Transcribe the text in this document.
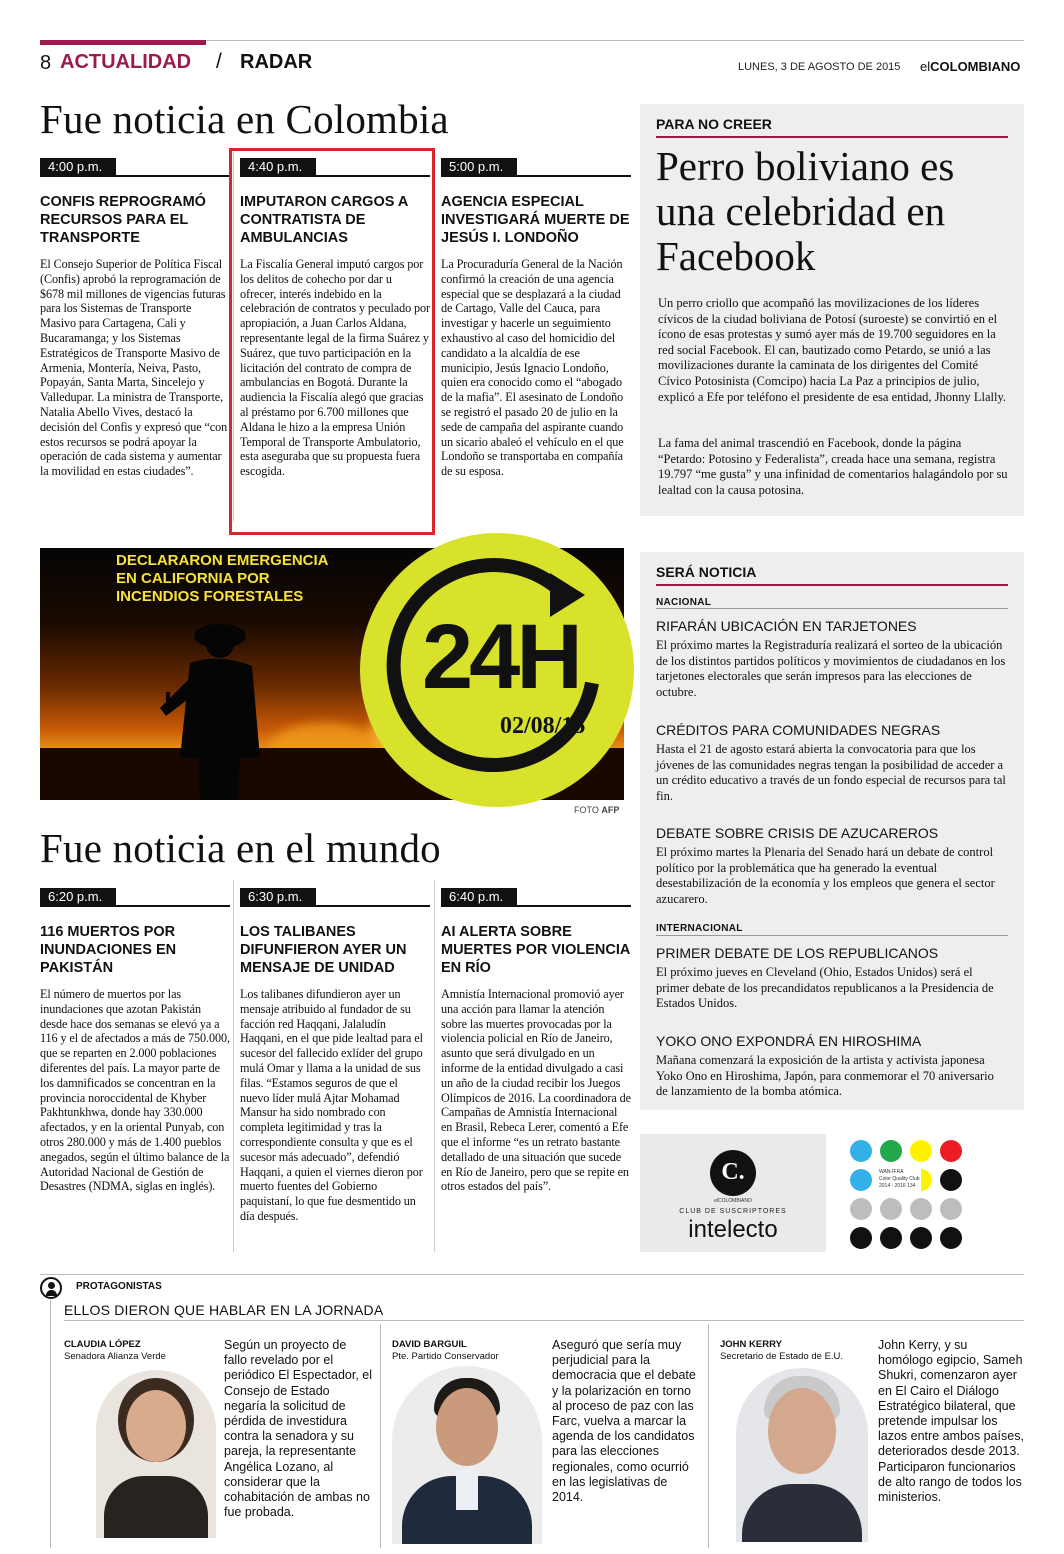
8 ACTUALIDAD / RADAR	LUNES, 3 DE AGOSTO DE 2015 elCOLOMBIANO
Fue noticia en Colombia
4:00 p.m.
CONFIS REPROGRAMÓ RECURSOS PARA EL TRANSPORTE
El Consejo Superior de Política Fiscal (Confis) aprobó la reprogramación de $678 mil millones de vigencias futuras para los Sistemas de Transporte Masivo para Cartagena, Cali y Bucaramanga; y los Sistemas Estratégicos de Transporte Masivo de Armenia, Montería, Neiva, Pasto, Popayán, Santa Marta, Sincelejo y Valledupar. La ministra de Transporte, Natalia Abello Vives, destacó la decisión del Confis y expresó que “con estos recursos se podrá apoyar la operación de cada sistema y aumentar la movilidad en estas ciudades”.
4:40 p.m.
IMPUTARON CARGOS A CONTRATISTA DE AMBULANCIAS
La Fiscalía General imputó cargos por los delitos de cohecho por dar u ofrecer, interés indebido en la celebración de contratos y peculado por apropiación, a Juan Carlos Aldana, representante legal de la firma Suárez y Suárez, que tuvo participación en la licitación del contrato de compra de ambulancias en Bogotá. Durante la audiencia la Fiscalía alegó que gracias al préstamo por 6.700 millones que Aldana le hizo a la empresa Unión Temporal de Transporte Ambulatorio, esta aseguraba que su propuesta fuera escogida.
5:00 p.m.
AGENCIA ESPECIAL INVESTIGARÁ MUERTE DE JESÚS I. LONDOÑO
La Procuraduría General de la Nación confirmó la creación de una agencia especial que se desplazará a la ciudad de Cartago, Valle del Cauca, para investigar y hacerle un seguimiento exhaustivo al caso del homicidio del candidato a la alcaldía de ese municipio, Jesús Ignacio Londoño, quien era conocido como el “abogado de la mafia”. El asesinato de Londoño se registró el pasado 20 de julio en la sede de campaña del aspirante cuando un sicario abaleó el vehículo en el que Londoño se transportaba en compañía de su esposa.
PARA NO CREER
Perro boliviano es una celebridad en Facebook
Un perro criollo que acompañó las movilizaciones de los líderes cívicos de la ciudad boliviana de Potosí (suroeste) se convirtió en el ícono de esas protestas y sumó ayer más de 19.700 seguidores en la red social Facebook. El can, bautizado como Petardo, se unió a las movilizaciones durante la caminata de los dirigentes del Comité Cívico Potosinista (Comcipo) hacia La Paz a principios de julio, explicó a Efe por teléfono el presidente de esa entidad, Jhonny Llally.
La fama del animal trascendió en Facebook, donde la página “Petardo: Potosino y Federalista”, creada hace una semana, registra 19.797 “me gusta” y una infinidad de comentarios halagándolo por su lealtad con la causa potosina.
DECLARARON EMERGENCIA EN CALIFORNIA POR INCENDIOS FORESTALES
24H
02/08/15
FOTO AFP
SERÁ NOTICIA
NACIONAL
RIFARÁN UBICACIÓN EN TARJETONES
El próximo martes la Registraduría realizará el sorteo de la ubicación de los distintos partidos políticos y movimientos de ciudadanos en los tarjetones electorales que serán impresos para las elecciones de octubre.
CRÉDITOS PARA COMUNIDADES NEGRAS
Hasta el 21 de agosto estará abierta la convocatoria para que los jóvenes de las comunidades negras tengan la posibilidad de acceder a un crédito educativo a través de un fondo especial de recursos para tal fin.
DEBATE SOBRE CRISIS DE AZUCAREROS
El próximo martes la Plenaria del Senado hará un debate de control político por la problemática que ha generado la eventual desestabilización de la economía y los empleos que genera el sector azucarero.
INTERNACIONAL
PRIMER DEBATE DE LOS REPUBLICANOS
El próximo jueves en Cleveland (Ohio, Estados Unidos) será el primer debate de los precandidatos republicanos a la Presidencia de Estados Unidos.
YOKO ONO EXPONDRÁ EN HIROSHIMA
Mañana comenzará la exposición de la artista y activista japonesa Yoko Ono en Hiroshima, Japón, para conmemorar el 70 aniversario de lanzamiento de la bomba atómica.
Fue noticia en el mundo
6:20 p.m.
116 MUERTOS POR INUNDACIONES EN PAKISTÁN
El número de muertos por las inundaciones que azotan Pakistán desde hace dos semanas se elevó ya a 116 y el de afectados a más de 750.000, que se reparten en 2.000 poblaciones diferentes del país. La mayor parte de los damnificados se concentran en la provincia noroccidental de Khyber Pakhtunkhwa, donde hay 330.000 afectados, y en la oriental Punyab, con otros 280.000 y más de 1.400 pueblos anegados, según el último balance de la Autoridad Nacional de Gestión de Desastres (NDMA, siglas en inglés).
6:30 p.m.
LOS TALIBANES DIFUNFIERON AYER UN MENSAJE DE UNIDAD
Los talibanes difundieron ayer un mensaje atribuido al fundador de su facción red Haqqani, Jalaludín Haqqani, en el que pide lealtad para el sucesor del fallecido exlíder del grupo mulá Omar y llama a la unidad de sus filas. “Estamos seguros de que el nuevo líder mulá Ajtar Mohamad Mansur ha sido nombrado con completa legitimidad y tras la correspondiente consulta y que es el sucesor más adecuado”, defendió Haqqani, a quien el viernes dieron por muerto fuentes del Gobierno paquistaní, lo que fue desmentido un día después.
6:40 p.m.
AI ALERTA SOBRE MUERTES POR VIOLENCIA EN RÍO
Amnistía Internacional promovió ayer una acción para llamar la atención sobre las muertes provocadas por la violencia policial en Río de Janeiro, asunto que será divulgado en un informe de la entidad divulgado a casi un año de la ciudad recibir los Juegos Olímpicos de 2016. La coordinadora de Campañas de Amnistía Internacional en Brasil, Rebeca Lerer, comentó a Efe que el informe “es un retrato bastante detallado de una situación que sucede en Río de Janeiro, pero que se repite en otros estados del país”.
C.
elCOLOMBIANO
CLUB DE SUSCRIPTORES
intelecto
WAN-IFRA
Color Quality Club
2014 - 2016 134
PROTAGONISTAS
ELLOS DIERON QUE HABLAR EN LA JORNADA
CLAUDIA LÓPEZ
Senadora Alianza Verde
Según un proyecto de fallo revelado por el periódico El Espectador, el Consejo de Estado negaría la solicitud de pérdida de investidura contra la senadora y su pareja, la representante Angélica Lozano, al considerar que la cohabitación de ambas no fue probada.
DAVID BARGUIL
Pte. Partido Conservador
Aseguró que sería muy perjudicial para la democracia que el debate y la polarización en torno al proceso de paz con las Farc, vuelva a marcar la agenda de los candidatos para las elecciones regionales, como ocurrió en las legislativas de 2014.
JOHN KERRY
Secretario de Estado de E.U.
John Kerry, y su homólogo egipcio, Sameh Shukri, comenzaron ayer en El Cairo el Diálogo Estratégico bilateral, que pretende impulsar los lazos entre ambos países, deteriorados desde 2013. Participaron funcionarios de alto rango de todos los ministerios.
